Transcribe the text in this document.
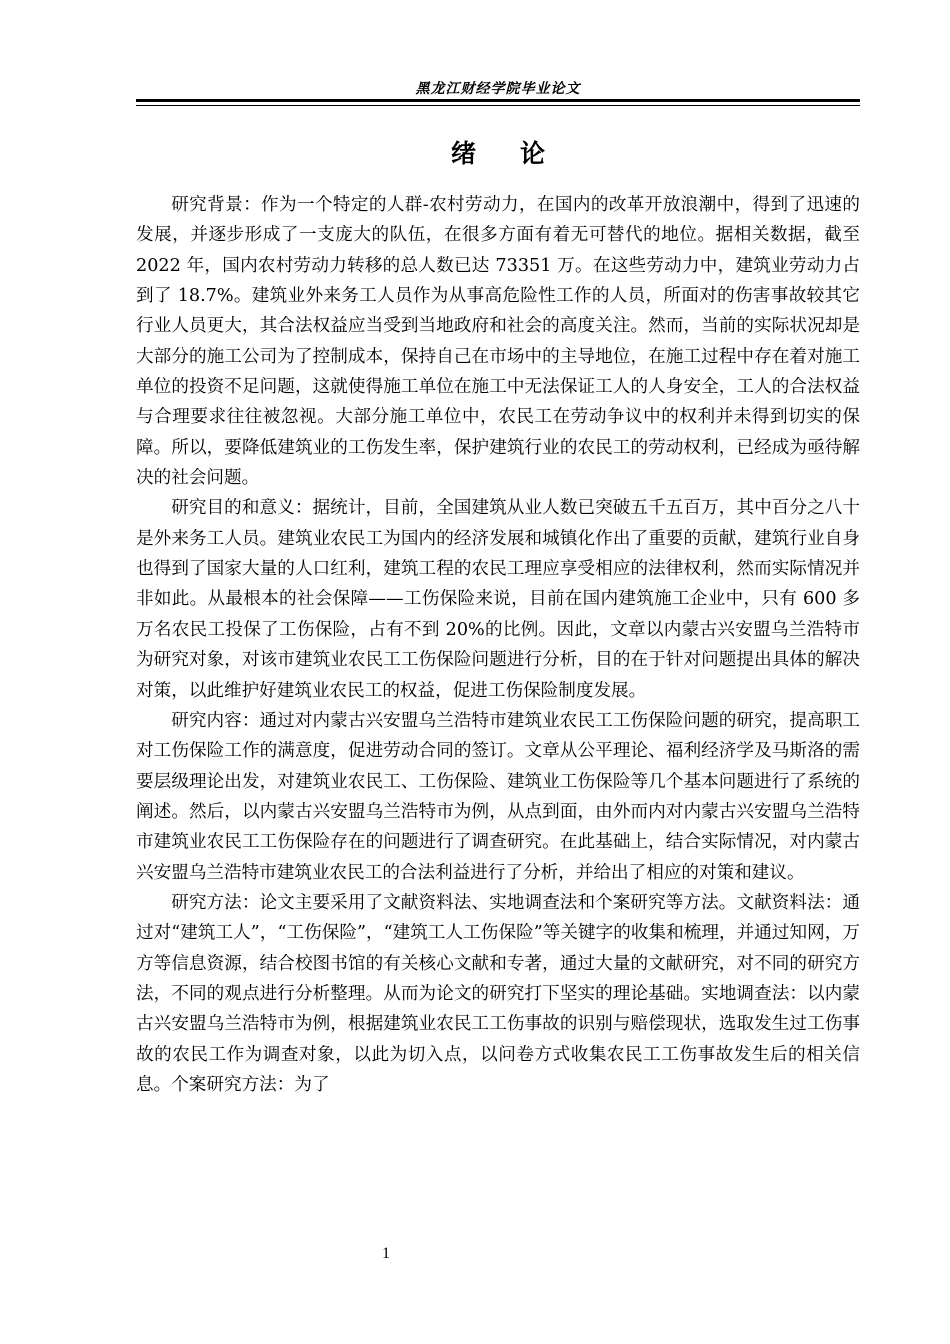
黑龙江财经学院毕业论文
绪 论

研究背景：作为一个特定的人群-农村劳动力，在国内的改革开放浪潮中，得到了迅速的发展，并逐步形成了一支庞大的队伍，在很多方面有着无可替代的地位。据相关数据，截至 2022 年，国内农村劳动力转移的总人数已达 73351 万。在这些劳动力中，建筑业劳动力占到了 18.7%。建筑业外来务工人员作为从事高危险性工作的人员，所面对的伤害事故较其它行业人员更大，其合法权益应当受到当地政府和社会的高度关注。然而，当前的实际状况却是大部分的施工公司为了控制成本，保持自己在市场中的主导地位，在施工过程中存在着对施工单位的投资不足问题，这就使得施工单位在施工中无法保证工人的人身安全，工人的合法权益与合理要求往往被忽视。大部分施工单位中，农民工在劳动争议中的权利并未得到切实的保障。所以，要降低建筑业的工伤发生率，保护建筑行业的农民工的劳动权利，已经成为亟待解决的社会问题。

研究目的和意义：据统计，目前，全国建筑从业人数已突破五千五百万，其中百分之八十是外来务工人员。建筑业农民工为国内的经济发展和城镇化作出了重要的贡献，建筑行业自身也得到了国家大量的人口红利，建筑工程的农民工理应享受相应的法律权利，然而实际情况并非如此。从最根本的社会保障——工伤保险来说，目前在国内建筑施工企业中，只有 600 多万名农民工投保了工伤保险，占有不到 20%的比例。因此，文章以内蒙古兴安盟乌兰浩特市为研究对象，对该市建筑业农民工工伤保险问题进行分析，目的在于针对问题提出具体的解决对策，以此维护好建筑业农民工的权益，促进工伤保险制度发展。

研究内容：通过对内蒙古兴安盟乌兰浩特市建筑业农民工工伤保险问题的研究，提高职工对工伤保险工作的满意度，促进劳动合同的签订。文章从公平理论、福利经济学及马斯洛的需要层级理论出发，对建筑业农民工、工伤保险、建筑业工伤保险等几个基本问题进行了系统的阐述。然后，以内蒙古兴安盟乌兰浩特市为例，从点到面，由外而内对内蒙古兴安盟乌兰浩特市建筑业农民工工伤保险存在的问题进行了调查研究。在此基础上，结合实际情况，对内蒙古兴安盟乌兰浩特市建筑业农民工的合法利益进行了分析，并给出了相应的对策和建议。

研究方法：论文主要采用了文献资料法、实地调查法和个案研究等方法。文献资料法：通过对“建筑工人”，“工伤保险”，“建筑工人工伤保险”等关键字的收集和梳理，并通过知网，万方等信息资源，结合校图书馆的有关核心文献和专著，通过大量的文献研究，对不同的研究方法，不同的观点进行分析整理。从而为论文的研究打下坚实的理论基础。实地调查法：以内蒙古兴安盟乌兰浩特市为例，根据建筑业农民工工伤事故的识别与赔偿现状，选取发生过工伤事故的农民工作为调查对象，以此为切入点，以问卷方式收集农民工工伤事故发生后的相关信息。个案研究方法：为了

1
